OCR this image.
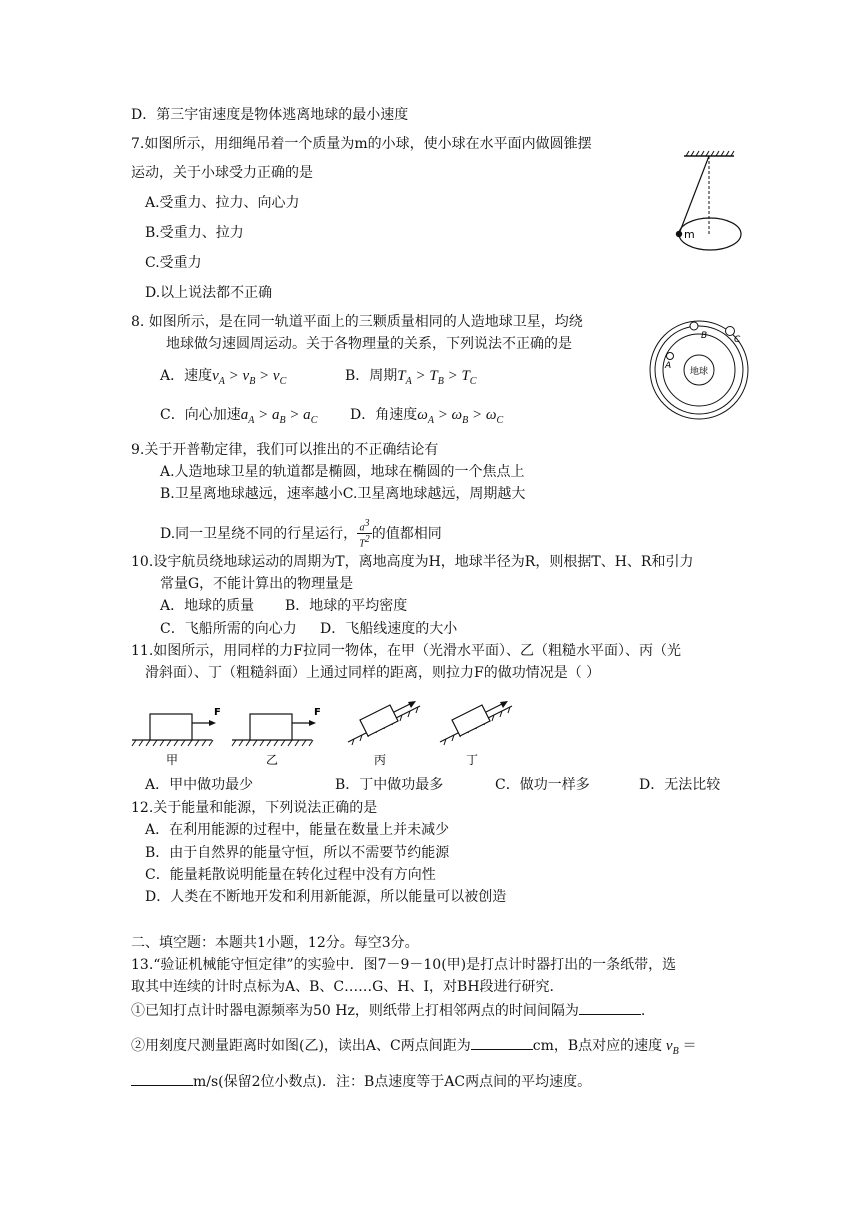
D．第三宇宙速度是物体逃离地球的最小速度
7.如图所示，用细绳吊着一个质量为m的小球，使小球在水平面内做圆锥摆
运动，关于小球受力正确的是
A.受重力、拉力、向心力
B.受重力、拉力
C.受重力
D.以上说法都不正确
m
8. 如图所示，是在同一轨道平面上的三颗质量相同的人造地球卫星，均绕
地球做匀速圆周运动。关于各物理量的关系，下列说法不正确的是
A．速度$v_A > v_B > v_C$	B．周期$T_A > T_B > T_C$
C．向心加速$a_A > a_B > a_C$ D．角速度$\omega_A > \omega_B > \omega_C$
地球
A
B	C
9.关于开普勒定律，我们可以推出的不正确结论有
A.人造地球卫星的轨道都是椭圆，地球在椭圆的一个焦点上
B.卫星离地球越远，速率越小C.卫星离地球越远，周期越大
D.同一卫星绕不同的行星运行， $\frac{a^3}{T^2}$ 的值都相同
10.设宇航员绕地球运动的周期为T，离地高度为H，地球半径为R，则根据T、H、R和引力
常量G，不能计算出的物理量是
A．地球的质量 B．地球的平均密度
C．飞船所需的向心力 D．飞船线速度的大小
11.如图所示，用同样的力F拉同一物体，在甲（光滑水平面）、乙（粗糙水平面）、丙（光
滑斜面）、丁（粗糙斜面）上通过同样的距离，则拉力F的做功情况是（ ）
F
甲
F
乙	丙	丁
A．甲中做功最少	B．丁中做功最多	C．做功一样多	D．无法比较
12.关于能量和能源，下列说法正确的是
A．在利用能源的过程中，能量在数量上并未减少
B．由于自然界的能量守恒，所以不需要节约能源
C．能量耗散说明能量在转化过程中没有方向性
D．人类在不断地开发和利用新能源，所以能量可以被创造
二、填空题：本题共1小题，12分。每空3分。
13.“验证机械能守恒定律”的实验中．图7－9－10(甲)是打点计时器打出的一条纸带，选
取其中连续的计时点标为A、B、C……G、H、I，对BH段进行研究．
①已知打点计时器电源频率为50 Hz，则纸带上打相邻两点的时间间隔为	.
②用刻度尺测量距离时如图(乙)，读出A、C两点间距为	cm，B点对应的速度 $v_B$ ＝
m/s(保留2位小数点)．注：B点速度等于AC两点间的平均速度。
